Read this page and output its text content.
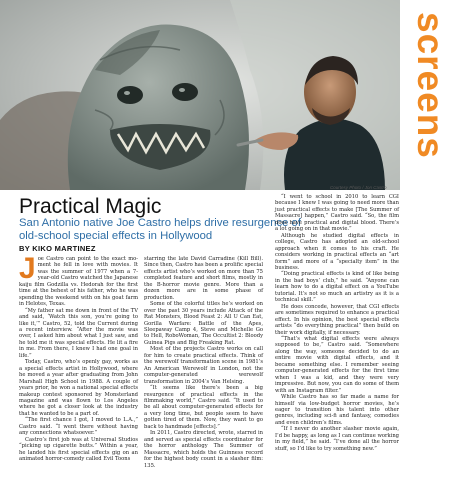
Courtesy Photo / Jon Castro
screens
Practical Magic
San Antonio native Joe Castro helps drive resurgence of old-school special effects in Hollywood
BY KIKO MARTINEZ
J oe Castro can point to the exact mo- ment he fell in love with movies. It was the summer of 1977 when a 7-year-old Castro watched the Japanese kaiju film Godzilla vs. Hedorah for the first time at the behest of his father, who he was spending the weekend with on his goat farm in Helotes, Texas.

“My father sat me down in front of the TV and said, ‘Watch this son, you’re going to like it,’” Castro, 52, told the Current during a recent interview. “After the movie was over, I asked him about what I just saw, and he told me it was special effects. He lit a fire in me. From there, I knew I had one goal in life.”

Today, Castro, who’s openly gay, works as a special effects artist in Hollywood, where he moved a year after graduating from John Marshall High School in 1988. A couple of years prior, he won a national special effects makeup contest sponsored by Monsterland magazine and was flown to Los Angeles where he got a closer look at the industry that he wanted to be a part of.

“The first chance I got, I moved to L.A.,” Castro said. “I went there without having any connections whatsoever.”

Castro’s first job was at Universal Studios “picking up cigarette butts.” Within a year, he landed his first special effects gig on an animated horror-comedy called Evil Toons

starring the late David Carradine (Kill Bill). Since then, Castro has been a prolific special effects artist who’s worked on more than 75 completed feature and short films, mostly in the B-horror movie genre. More than a dozen more are in some phase of production.

Some of the colorful titles he’s worked on over the past 30 years include Attack of the Rat Monsters, Blood Feast 2: All U Can Eat, Gorilla Warfare: Battle of the Apes, Sleepaway Camp 4, Steve and Michelle Go to Hell, RoboWoman, The Occultist 2: Bloody Guinea Pigs and Big Freaking Rat.

Most of the projects Castro works on call for him to create practical effects. Think of the werewolf transformation scene in 1981’s An American Werewolf in London, not the computer-generated werewolf transformation in 2004’s Van Helsing.

“It seems like there’s been a big resurgence of practical effects in the filmmaking world,” Castro said. “It used to be all about computer-generated effects for a very long time, but people seem to have gotten tired of them. Now, they want to go back to handmade [effects].”

In 2011, Castro directed, wrote, starred in and served as special effects coordinator for the horror anthology The Summer of Massacre, which holds the Guinness record for the highest body count in a slasher film: 135.

“I went to school in 2010 to learn CGI because I knew I was going to need more than just practical effects to make [The Summer of Massacre] happen,” Castro said. “So, the film does have practical and digital blood. There’s a lot going on in that movie.”

Although he studied digital effects in college, Castro has adopted an old-school approach when it comes to his craft. He considers working in practical effects an “art form” and more of a “specialty item” in the business.

“Doing practical effects is kind of like being in the bad boys’ club,” he said. “Anyone can learn how to do a digital effect on a YouTube tutorial. It’s not so much an artistry as it is a technical skill.”

He does concede, however, that CGI effects are sometimes required to enhance a practical effect. In his opinion, the best special effects artists “do everything practical” then build on their work digitally, if necessary.

“That’s what digital effects were always supposed to be,” Castro said. “Somewhere along the way, someone decided to do an entire movie with digital effects, and it became something else. I remember seeing computer-generated effects for the first time when I was a kid, and they were very impressive. But now, you can do some of them with an Instagram filter.”

While Castro has so far made a name for himself via low-budget horror movies, he’s eager to transition his talent into other genres, including sci-fi and fantasy, comedies and even children’s films.

“If I never do another slasher movie again, I’d be happy, as long as I can continue working in my field,” he said. “I’ve done all the horror stuff, so I’d like to try something new.”
